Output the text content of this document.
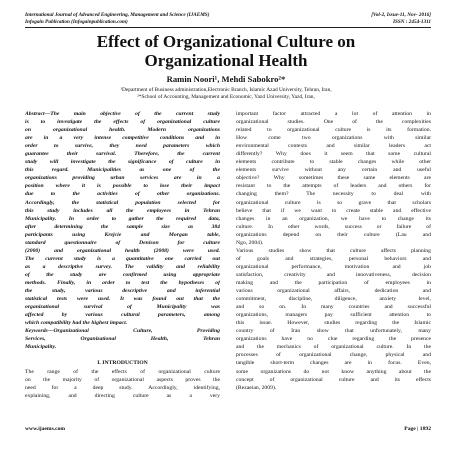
International Journal of Advanced Engineering, Management and Science (IJAEMS)	[Vol-2, Issue-11, Nov- 2016]
Infogain Publication (Infogainpublication.com)	ISSN : 2454-1311
Effect of Organizational Culture on
Organizational Health
Ramin Noori¹, Mehdi Sabokro²*
¹Department of Business administration,Electronic Branch, Islamic Azad University, Tehran, Iran,
²*School of Accounting, Management and Economic, Yazd University, Yazd, Iran,
Abstract—The main objective of the current study
is to investigate the effects of organizational culture
on organizational health. Modern organizations
are in a very intense competitive conditions and in
order to survive, they need parameters which
guarantee their survival. Therefore, the current
study will investigate the significance of culture in
this regard. Municipalities as one of the
organizations providing urban services are in a
position where it is possible to lose their impact
due to the activities of other organizations.
Accordingly, the statistical population selected for
this study includes all the employees in Tehran
Municipality. In order to gather the required data,
after determining the sample size as 384
participants using Krejcie and Morgan table,
standard questionnaire of Denison for culture
(2000) and organizational health (2008) were used.
The current study is a quantitative one carried out
as a descriptive survey. The validity and reliability
of the study are confirmed using appropriate
methods. Finally, in order to test the hypotheses of
the study, various descriptive and inferential
statistical tests were used. It was found out that the
organizational survival of Municipality was
affected by various cultural parameters, among
which compatibility had the highest impact.
Keywords—Organizational Culture, Providing
Services, Organizational Health, Tehran
Municipality.
I. INTRODUCTION
The range of the effects of organizational culture
on the majority of organizational aspects proves the
need for a deep study. Accordingly, identifying,
explaining, and directing culture as a very
important factor attracted a lot of attention in
organizational studies. One of the complexities
related to organizational culture is its formation.
How come two organizations with similar
environmental contexts and similar leaders act
differently? Why does it seem that some cultural
elements contribute to stable changes while other
elements survive without any certain and useful
objective? Why sometimes these same elements are
resistant to the attempts of leaders and others for
changing them? The necessity to deal with
organizational culture is so grave that scholars
believe that if we want to create stable and effective
changes in an organization, we have to change its
culture. In other words, success or failure of
organizations depend on their culture (Lau and
Ngo, 2004).
Various studies show that culture affects planning
of goals and strategies, personal behaviors and
organizational performance, motivation and job
satisfaction, creativity and innovativeness, decision
making and the participation of employees in
various organizational affairs, dedication and
commitment, discipline, diligence, anxiety level,
and so on. In many countries and successful
organizations, managers pay sufficient attention to
this issue. However, studies regarding the Islamic
country of Iran show that unfortunately, many
organizations have no clue regarding the presence
and the mechanics of organizational culture. In the
processes of organizational change, physical and
tangible short-term changes are in focus. Even,
some organizations do not know anything about the
concept of organizational culture and its effects
(Rezaeian, 2009).
www.ijaems.com	Page | 1892
